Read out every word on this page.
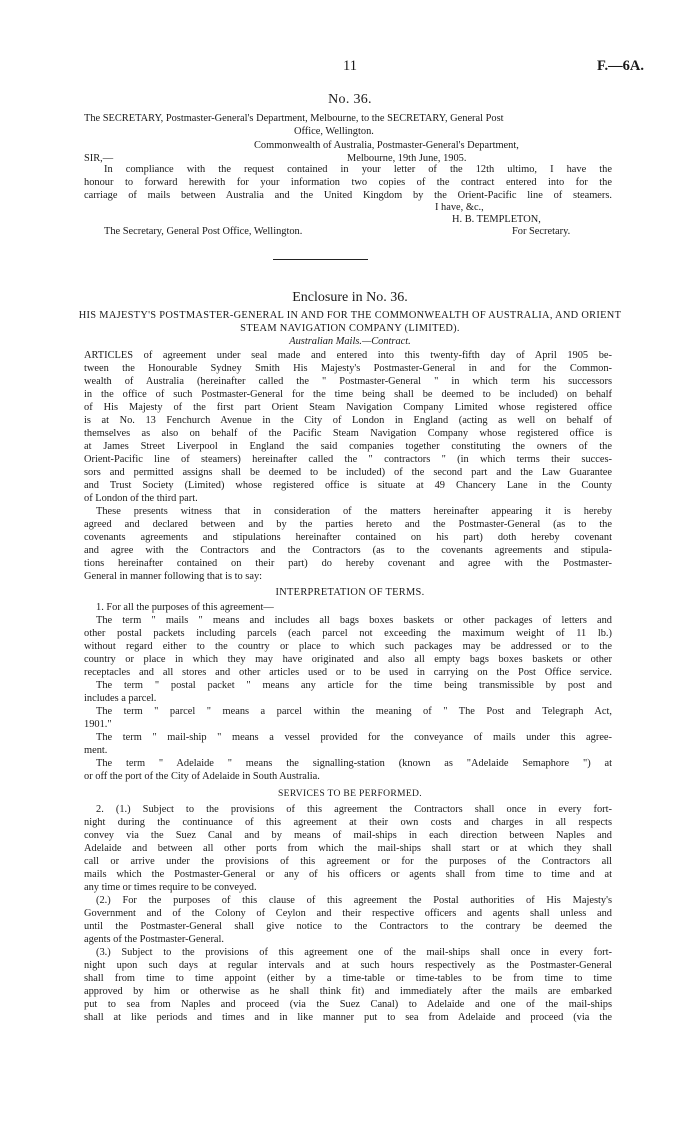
11	F.—6A.
No. 36.
The SECRETARY, Postmaster-General's Department, Melbourne, to the SECRETARY, General Post
Office, Wellington.
Commonwealth of Australia, Postmaster-General's Department,
Melbourne, 19th June, 1905.
SIR,—
In compliance with the request contained in your letter of the 12th ultimo, I have the
honour to forward herewith for your information two copies of the contract entered into for the
carriage of mails between Australia and the United Kingdom by the Orient-Pacific line of steamers.
I have, &c.,
H. B. TEMPLETON,
The Secretary, General Post Office, Wellington.	For Secretary.
Enclosure in No. 36.
HIS MAJESTY'S POSTMASTER-GENERAL IN AND FOR THE COMMONWEALTH OF AUSTRALIA, AND ORIENT
STEAM NAVIGATION COMPANY (LIMITED).
Australian Mails.—Contract.
ARTICLES of agreement under seal made and entered into this twenty-fifth day of April 1905 be-
tween the Honourable Sydney Smith His Majesty's Postmaster-General in and for the Common-
wealth of Australia (hereinafter called the " Postmaster-General " in which term his successors
in the office of such Postmaster-General for the time being shall be deemed to be included) on behalf
of His Majesty of the first part Orient Steam Navigation Company Limited whose registered office
is at No. 13 Fenchurch Avenue in the City of London in England (acting as well on behalf of
themselves as also on behalf of the Pacific Steam Navigation Company whose registered office is
at James Street Liverpool in England the said companies together constituting the owners of the
Orient-Pacific line of steamers) hereinafter called the " contractors " (in which terms their succes-
sors and permitted assigns shall be deemed to be included) of the second part and the Law Guarantee
and Trust Society (Limited) whose registered office is situate at 49 Chancery Lane in the County
of London of the third part.
These presents witness that in consideration of the matters hereinafter appearing it is hereby
agreed and declared between and by the parties hereto and the Postmaster-General (as to the
covenants agreements and stipulations hereinafter contained on his part) doth hereby covenant
and agree with the Contractors and the Contractors (as to the covenants agreements and stipula-
tions hereinafter contained on their part) do hereby covenant and agree with the Postmaster-
General in manner following that is to say:
INTERPRETATION OF TERMS.
1. For all the purposes of this agreement—
The term " mails " means and includes all bags boxes baskets or other packages of letters and
other postal packets including parcels (each parcel not exceeding the maximum weight of 11 lb.)
without regard either to the country or place to which such packages may be addressed or to the
country or place in which they may have originated and also all empty bags boxes baskets or other
receptacles and all stores and other articles used or to be used in carrying on the Post Office service.
The term " postal packet " means any article for the time being transmissible by post and
includes a parcel.
The term " parcel " means a parcel within the meaning of " The Post and Telegraph Act,
1901."
The term " mail-ship " means a vessel provided for the conveyance of mails under this agree-
ment.
The term " Adelaide " means the signalling-station (known as "Adelaide Semaphore ") at
or off the port of the City of Adelaide in South Australia.
SERVICES TO BE PERFORMED.
2. (1.) Subject to the provisions of this agreement the Contractors shall once in every fort-
night during the continuance of this agreement at their own costs and charges in all respects
convey via the Suez Canal and by means of mail-ships in each direction between Naples and
Adelaide and between all other ports from which the mail-ships shall start or at which they shall
call or arrive under the provisions of this agreement or for the purposes of the Contractors all
mails which the Postmaster-General or any of his officers or agents shall from time to time and at
any time or times require to be conveyed.
(2.) For the purposes of this clause of this agreement the Postal authorities of His Majesty's
Government and of the Colony of Ceylon and their respective officers and agents shall unless and
until the Postmaster-General shall give notice to the Contractors to the contrary be deemed the
agents of the Postmaster-General.
(3.) Subject to the provisions of this agreement one of the mail-ships shall once in every fort-
night upon such days at regular intervals and at such hours respectively as the Postmaster-General
shall from time to time appoint (either by a time-table or time-tables to be from time to time
approved by him or otherwise as he shall think fit) and immediately after the mails are embarked
put to sea from Naples and proceed (via the Suez Canal) to Adelaide and one of the mail-ships
shall at like periods and times and in like manner put to sea from Adelaide and proceed (via the
